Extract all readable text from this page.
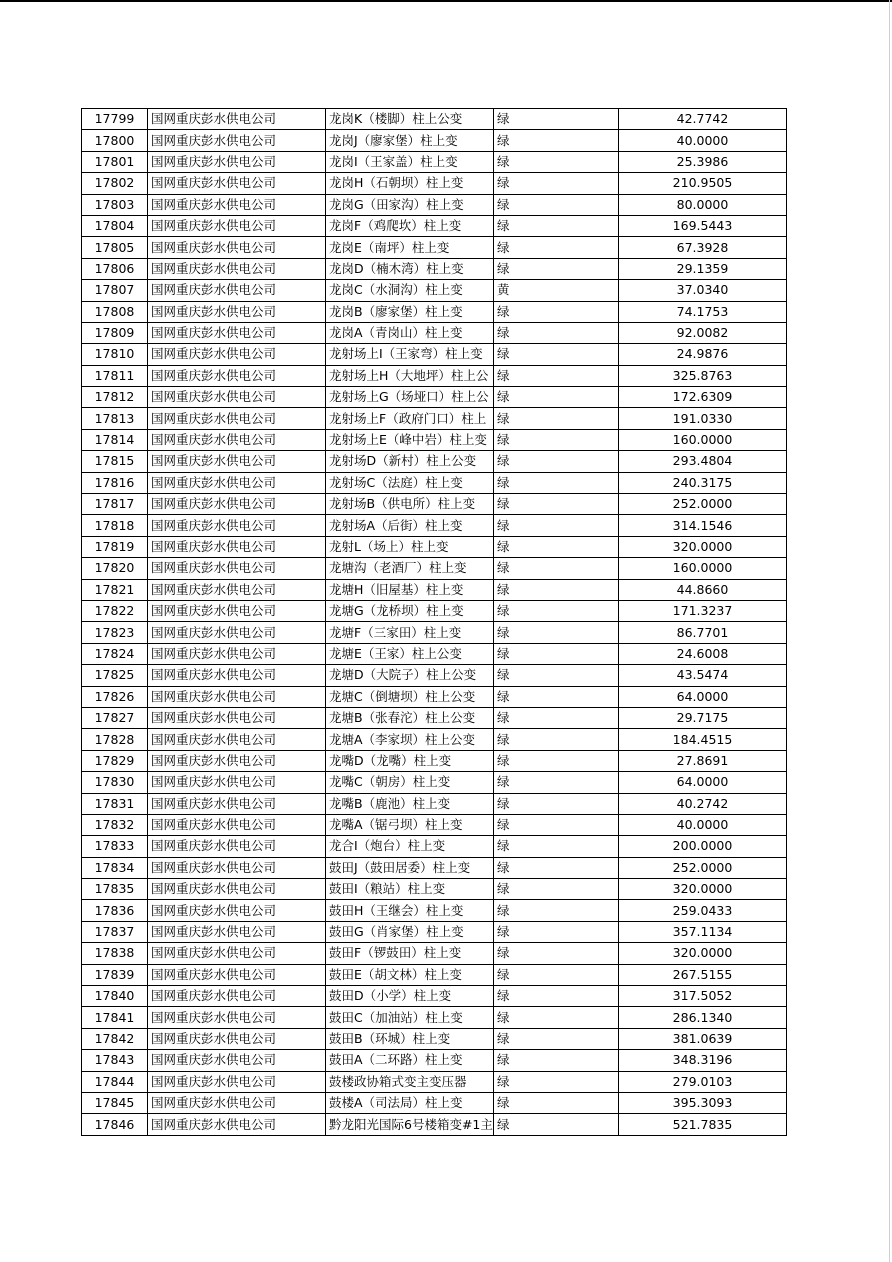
17799	国网重庆彭水供电公司	龙岗K（楼脚）柱上公变	绿	42.7742
17800	国网重庆彭水供电公司	龙岗J（廖家堡）柱上变	绿	40.0000
17801	国网重庆彭水供电公司	龙岗I（王家盖）柱上变	绿	25.3986
17802	国网重庆彭水供电公司	龙岗H（石朝坝）柱上变	绿	210.9505
17803	国网重庆彭水供电公司	龙岗G（田家沟）柱上变	绿	80.0000
17804	国网重庆彭水供电公司	龙岗F（鸡爬坎）柱上变	绿	169.5443
17805	国网重庆彭水供电公司	龙岗E（南坪）柱上变	绿	67.3928
17806	国网重庆彭水供电公司	龙岗D（楠木湾）柱上变	绿	29.1359
17807	国网重庆彭水供电公司	龙岗C（水洞沟）柱上变	黄	37.0340
17808	国网重庆彭水供电公司	龙岗B（廖家堡）柱上变	绿	74.1753
17809	国网重庆彭水供电公司	龙岗A（青岗山）柱上变	绿	92.0082
17810	国网重庆彭水供电公司	龙射场上I（王家弯）柱上变	绿	24.9876
17811	国网重庆彭水供电公司	龙射场上H（大地坪）柱上公	绿	325.8763
17812	国网重庆彭水供电公司	龙射场上G（场垭口）柱上公	绿	172.6309
17813	国网重庆彭水供电公司	龙射场上F（政府门口）柱上	绿	191.0330
17814	国网重庆彭水供电公司	龙射场上E（峰中岩）柱上变	绿	160.0000
17815	国网重庆彭水供电公司	龙射场D（新村）柱上公变	绿	293.4804
17816	国网重庆彭水供电公司	龙射场C（法庭）柱上变	绿	240.3175
17817	国网重庆彭水供电公司	龙射场B（供电所）柱上变	绿	252.0000
17818	国网重庆彭水供电公司	龙射场A（后街）柱上变	绿	314.1546
17819	国网重庆彭水供电公司	龙射L（场上）柱上变	绿	320.0000
17820	国网重庆彭水供电公司	龙塘沟（老酒厂）柱上变	绿	160.0000
17821	国网重庆彭水供电公司	龙塘H（旧屋基）柱上变	绿	44.8660
17822	国网重庆彭水供电公司	龙塘G（龙桥坝）柱上变	绿	171.3237
17823	国网重庆彭水供电公司	龙塘F（三家田）柱上变	绿	86.7701
17824	国网重庆彭水供电公司	龙塘E（王家）柱上公变	绿	24.6008
17825	国网重庆彭水供电公司	龙塘D（大院子）柱上公变	绿	43.5474
17826	国网重庆彭水供电公司	龙塘C（倒塘坝）柱上公变	绿	64.0000
17827	国网重庆彭水供电公司	龙塘B（张春沱）柱上公变	绿	29.7175
17828	国网重庆彭水供电公司	龙塘A（李家坝）柱上公变	绿	184.4515
17829	国网重庆彭水供电公司	龙嘴D（龙嘴）柱上变	绿	27.8691
17830	国网重庆彭水供电公司	龙嘴C（朝房）柱上变	绿	64.0000
17831	国网重庆彭水供电公司	龙嘴B（鹿池）柱上变	绿	40.2742
17832	国网重庆彭水供电公司	龙嘴A（锯弓坝）柱上变	绿	40.0000
17833	国网重庆彭水供电公司	龙合I（炮台）柱上变	绿	200.0000
17834	国网重庆彭水供电公司	鼓田J（鼓田居委）柱上变	绿	252.0000
17835	国网重庆彭水供电公司	鼓田I（粮站）柱上变	绿	320.0000
17836	国网重庆彭水供电公司	鼓田H（王继会）柱上变	绿	259.0433
17837	国网重庆彭水供电公司	鼓田G（肖家堡）柱上变	绿	357.1134
17838	国网重庆彭水供电公司	鼓田F（锣鼓田）柱上变	绿	320.0000
17839	国网重庆彭水供电公司	鼓田E（胡文林）柱上变	绿	267.5155
17840	国网重庆彭水供电公司	鼓田D（小学）柱上变	绿	317.5052
17841	国网重庆彭水供电公司	鼓田C（加油站）柱上变	绿	286.1340
17842	国网重庆彭水供电公司	鼓田B（环城）柱上变	绿	381.0639
17843	国网重庆彭水供电公司	鼓田A（二环路）柱上变	绿	348.3196
17844	国网重庆彭水供电公司	鼓楼政协箱式变主变压器	绿	279.0103
17845	国网重庆彭水供电公司	鼓楼A（司法局）柱上变	绿	395.3093
17846	国网重庆彭水供电公司	黔龙阳光国际6号楼箱变#1主	绿	521.7835
